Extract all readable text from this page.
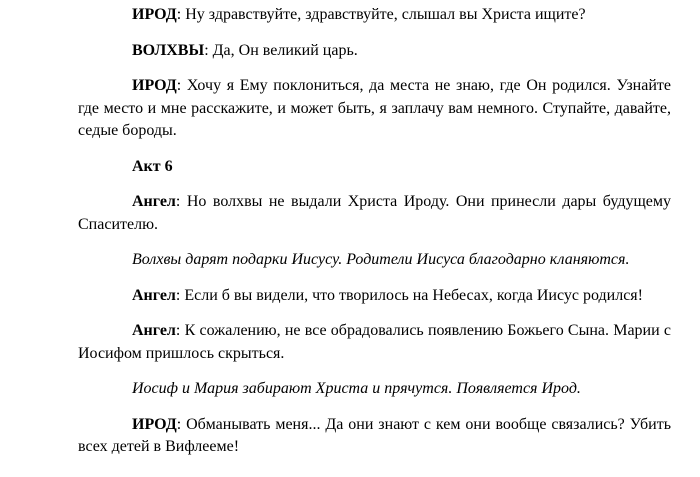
ИРОД: Ну здравствуйте, здравствуйте, слышал вы Христа ищите?

ВОЛХВЫ: Да, Он великий царь.

ИРОД: Хочу я Ему поклониться, да места не знаю, где Он родился. Узнайте где место и мне расскажите, и может быть, я заплачу вам немного. Ступайте, давайте, седые бороды.

Акт 6

Ангел: Но волхвы не выдали Христа Ироду. Они принесли дары будущему Спасителю.

Волхвы дарят подарки Иисусу. Родители Иисуса благодарно кланяются.

Ангел: Если б вы видели, что творилось на Небесах, когда Иисус родился!

Ангел: К сожалению, не все обрадовались появлению Божьего Сына. Марии с Иосифом пришлось скрыться.

Иосиф и Мария забирают Христа и прячутся. Появляется Ирод.

ИРОД: Обманывать меня... Да они знают с кем они вообще связались? Убить всех детей в Вифлееме!
